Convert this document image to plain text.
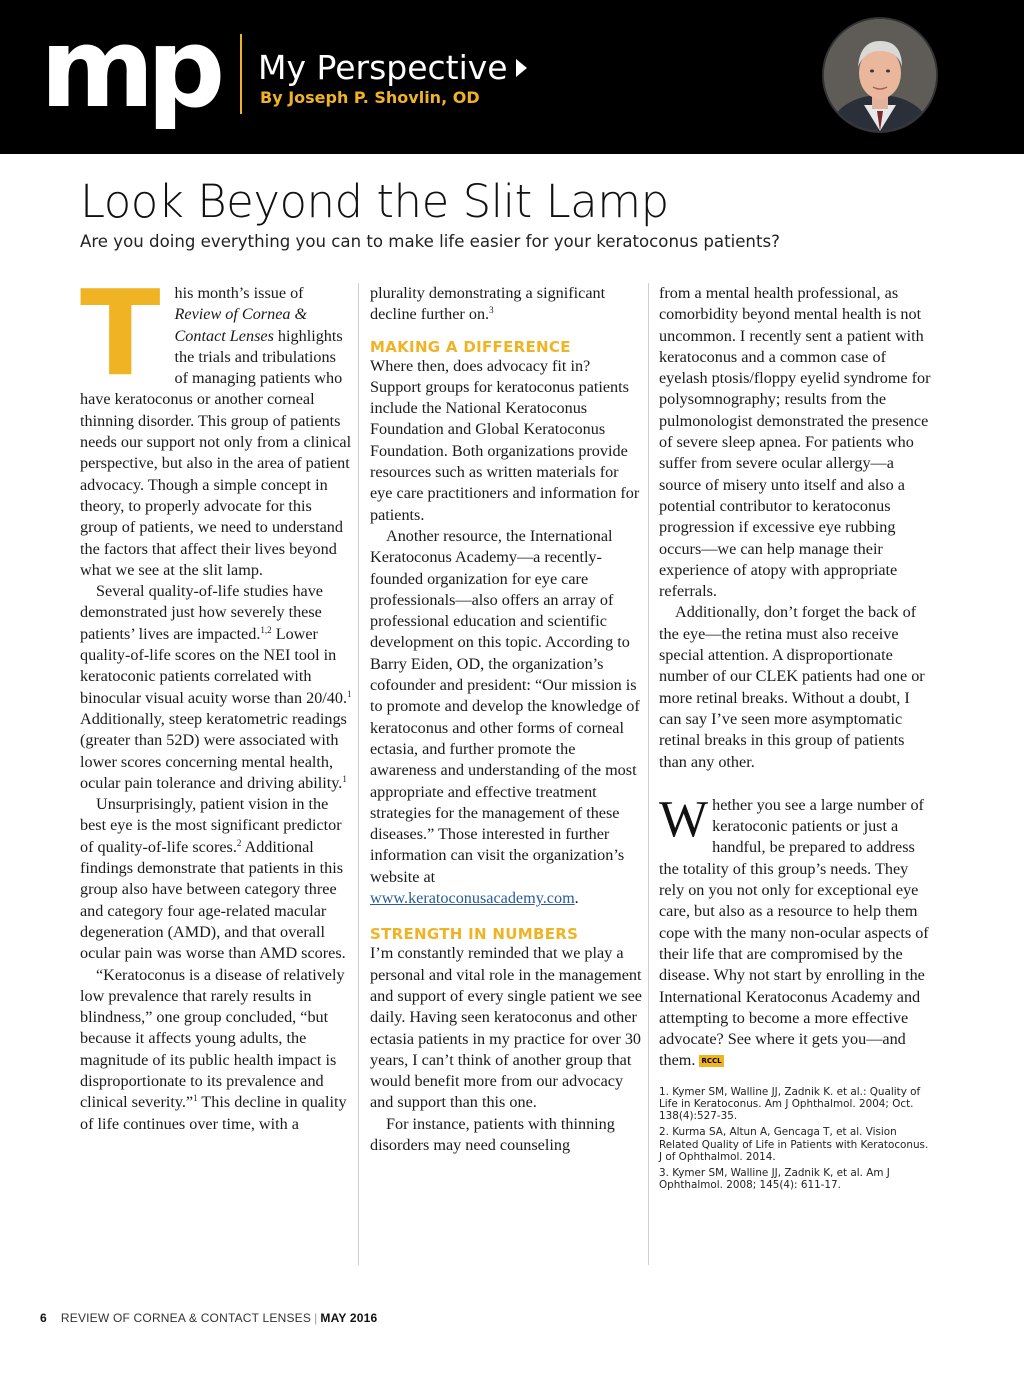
mp My Perspective
By Joseph P. Shovlin, OD
Look Beyond the Slit Lamp
Are you doing everything you can to make life easier for your keratoconus patients?

This month’s issue of Review of Cornea & Contact Lenses highlights the trials and tribulations of managing patients who have keratoconus or another corneal thinning disorder. This group of patients needs our support not only from a clinical perspective, but also in the area of patient advocacy. Though a simple concept in theory, to properly advocate for this group of patients, we need to understand the factors that affect their lives beyond what we see at the slit lamp.

Several quality-of-life studies have demonstrated just how severely these patients’ lives are impacted.$^{1,2}$ Lower quality-of-life scores on the NEI tool in keratoconic patients correlated with binocular visual acuity worse than 20/40.$^1$ Additionally, steep keratometric readings (greater than 52D) were associated with lower scores concerning mental health, ocular pain tolerance and driving ability.$^1$

Unsurprisingly, patient vision in the best eye is the most significant predictor of quality-of-life scores.$^2$ Additional findings demonstrate that patients in this group also have between category three and category four age-related macular degeneration (AMD), and that overall ocular pain was worse than AMD scores.

“Keratoconus is a disease of relatively low prevalence that rarely results in blindness,” one group concluded, “but because it affects young adults, the magnitude of its public health impact is disproportionate to its prevalence and clinical severity.”$^1$ This decline in quality of life continues over time, with a

plurality demonstrating a significant decline further on.$^3$

MAKING A DIFFERENCE

Where then, does advocacy fit in? Support groups for keratoconus patients include the National Keratoconus Foundation and Global Keratoconus Foundation. Both organizations provide resources such as written materials for eye care practitioners and information for patients.

Another resource, the International Keratoconus Academy—a recently-founded organization for eye care professionals—also offers an array of professional education and scientific development on this topic. According to Barry Eiden, OD, the organization’s cofounder and president: “Our mission is to promote and develop the knowledge of keratoconus and other forms of corneal ectasia, and further promote the awareness and understanding of the most appropriate and effective treatment strategies for the management of these diseases.” Those interested in further information can visit the organization’s website at www.keratoconusacademy.com.

STRENGTH IN NUMBERS

I’m constantly reminded that we play a personal and vital role in the management and support of every single patient we see daily. Having seen keratoconus and other ectasia patients in my practice for over 30 years, I can’t think of another group that would benefit more from our advocacy and support than this one.

For instance, patients with thinning disorders may need counseling

from a mental health professional, as comorbidity beyond mental health is not uncommon. I recently sent a patient with keratoconus and a common case of eyelash ptosis/floppy eyelid syndrome for polysomnography; results from the pulmonologist demonstrated the presence of severe sleep apnea. For patients who suffer from severe ocular allergy—a source of misery unto itself and also a potential contributor to keratoconus progression if excessive eye rubbing occurs—we can help manage their experience of atopy with appropriate referrals.

Additionally, don’t forget the back of the eye—the retina must also receive special attention. A disproportionate number of our CLEK patients had one or more retinal breaks. Without a doubt, I can say I’ve seen more asymptomatic retinal breaks in this group of patients than any other.

Whether you see a large number of keratoconic patients or just a handful, be prepared to address the totality of this group’s needs. They rely on you not only for exceptional eye care, but also as a resource to help them cope with the many non-ocular aspects of their life that are compromised by the disease. Why not start by enrolling in the International Keratoconus Academy and attempting to become a more effective advocate? See where it gets you—and them. RCCL

1. Kymer SM, Walline JJ, Zadnik K. et al.: Quality of Life in Keratoconus. Am J Ophthalmol. 2004; Oct. 138(4):527-35.
2. Kurma SA, Altun A, Gencaga T, et al. Vision Related Quality of Life in Patients with Keratoconus. J of Ophthalmol. 2014.
3. Kymer SM, Walline JJ, Zadnik K, et al. Am J Ophthalmol. 2008; 145(4): 611-17.
6 REVIEW OF CORNEA & CONTACT LENSES | MAY 2016
